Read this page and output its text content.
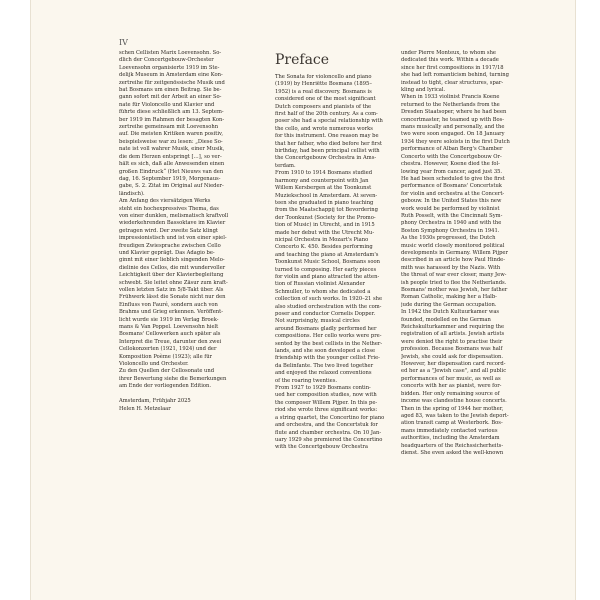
IV
schen Cellisten Marix Loevensohn. So-
dlich der Concertgebouw-Orchester
Loevensohn organisierte 1919 im Ste-
delijk Museum in Amsterdam eine Kon-
zertreihe für zeitgenössische Musik und
bat Bosmans um einen Beitrag. Sie be-
gann sofort mit der Arbeit an einer So-
nate für Violoncello und Klavier und
führte diese schließlich am 13. Septem-
ber 1919 im Rahmen der besagten Kon-
zertreihe gemeinsam mit Loevensohn
auf. Die meisten Kritiken waren positiv,
beispielsweise war zu lesen: „Diese So-
nate ist voll wahrer Musik, einer Musik,
die dem Herzen entspringt […], so ver-
hält es sich, daß alle Anwesenden einen
großen Eindruck“ (Het Nieuws van den
dag, 16. September 1919, Morgenaus-
gabe, S. 2. Zitat im Original auf Nieder-
ländisch).
Am Anfang des viersätzigen Werks
steht ein hochexpressives Thema, das
von einer dunklen, melismatisch kraftvoll
wiederkehrenden Bassoktave im Klavier
getragen wird. Der zweite Satz klingt
impressionistisch und ist von einer spiel-
freudigen Zwiesprache zwischen Cello
und Klavier geprägt. Das Adagio be-
ginnt mit einer lieblich singenden Melo-
dielinie des Cellos, die mit wundervoller
Leichtigkeit über der Klavierbegleitung
schwebt. Sie leitet ohne Zäsur zum kraft-
vollen letzten Satz im 5/8-Takt über. Als
Frühwerk lässt die Sonate nicht nur den
Einfluss von Fauré, sondern auch von
Brahms und Grieg erkennen. Veröffent-
licht wurde sie 1919 im Verlag Broek-
mans & Van Poppel. Loevensohn hielt
Bosmans' Cellowerken auch später als
Interpret die Treue, darunter den zwei
Cellokonzerten (1921, 1924) und der
Komposition Poème (1923); alle für
Violoncello und Orchester.
Zu den Quellen der Cellosonate und
ihrer Bewertung siehe die Bemerkungen
am Ende der vorliegenden Edition.

Amsterdam, Frühjahr 2025
Helen H. Metzelaar
Preface
The Sonata for violoncello and piano
(1919) by Henriëtte Bosmans (1895–
1952) is a real discovery. Bosmans is
considered one of the most significant
Dutch composers and pianists of the
first half of the 20th century. As a com-
poser she had a special relationship with
the cello, and wrote numerous works
for this instrument. One reason may be
that her father, who died before her first
birthday, had been principal cellist with
the Concertgebouw Orchestra in Ams-
terdam.
From 1910 to 1914 Bosmans studied
harmony and counterpoint with Jan
Willem Kersbergen at the Toonkunst
Muziekschool in Amsterdam. At seven-
teen she graduated in piano teaching
from the Maatschappij tot Bevordering
der Toonkunst (Society for the Promo-
tion of Music) in Utrecht, and in 1915
made her debut with the Utrecht Mu-
nicipal Orchestra in Mozart's Piano
Concerto K. 450. Besides performing
and teaching the piano at Amsterdam's
Toonkunst Music School, Bosmans soon
turned to composing. Her early pieces
for violin and piano attracted the atten-
tion of Russian violinist Alexander
Schmuller, to whom she dedicated a
collection of such works. In 1920–21 she
also studied orchestration with the com-
poser and conductor Cornelis Dopper.
Not surprisingly, musical circles
around Bosmans gladly performed her
compositions. Her cello works were pre-
sented by the best cellists in the Nether-
lands, and she soon developed a close
friendship with the younger cellist Frie-
da Belinfante. The two lived together
and enjoyed the relaxed conventions
of the roaring twenties.
From 1927 to 1929 Bosmans contin-
ued her composition studies, now with
the composer Willem Pijper. In this pe-
riod she wrote three significant works:
a string quartet, the Concertino for piano
and orchestra, and the Concertstuk for
flute and chamber orchestra. On 10 Jan-
uary 1929 she premiered the Concertino
with the Concertgebouw Orchestra
under Pierre Monteux, to whom she
dedicated this work. Within a decade
since her first compositions in 1917/18
she had left romanticism behind, turning
instead to tight, clear structures, spar-
kling and lyrical.
When in 1933 violinist Francis Koene
returned to the Netherlands from the
Dresden Staatsoper, where he had been
concertmaster, he teamed up with Bos-
mans musically and personally, and the
two were soon engaged. On 18 January
1934 they were soloists in the first Dutch
performance of Alban Berg's Chamber
Concerto with the Concertgebouw Or-
chestra. However, Koene died the fol-
lowing year from cancer, aged just 35.
He had been scheduled to give the first
performance of Bosmans' Concertstuk
for violin and orchestra at the Concert-
gebouw. In the United States this new
work would be performed by violinist
Ruth Posselt, with the Cincinnati Sym-
phony Orchestra in 1940 and with the
Boston Symphony Orchestra in 1941.
As the 1930s progressed, the Dutch
music world closely monitored political
developments in Germany. Willem Pijper
described in an article how Paul Hinde-
mith was harassed by the Nazis. With
the threat of war ever closer, many Jew-
ish people tried to flee the Netherlands.
Bosmans' mother was Jewish, her father
Roman Catholic, making her a Halb-
jude during the German occupation.
In 1942 the Dutch Kultuurkamer was
founded, modelled on the German
Reichskulturkammer and requiring the
registration of all artists. Jewish artists
were denied the right to practise their
profession. Because Bosmans was half
Jewish, she could ask for dispensation.
However, her dispensation card record-
ed her as a "Jewish case", and all public
performances of her music, as well as
concerts with her as pianist, were for-
bidden. Her only remaining source of
income was clandestine house concerts.
Then in the spring of 1944 her mother,
aged 83, was taken to the Jewish deport-
ation transit camp at Westerbork. Bos-
mans immediately contacted various
authorities, including the Amsterdam
headquarters of the Reichssicherheits-
dienst. She even asked the well-known
